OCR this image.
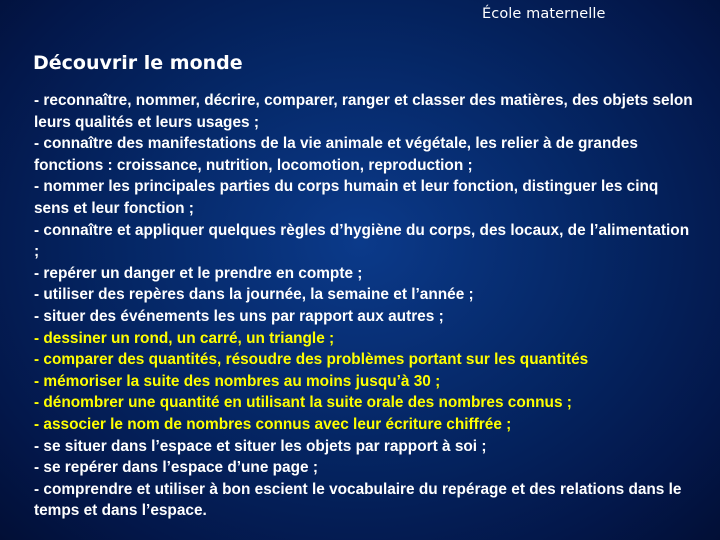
École maternelle
Découvrir le monde
- reconnaître, nommer, décrire, comparer, ranger et classer des matières, des objets selon leurs qualités et leurs usages ;
- connaître des manifestations de la vie animale et végétale, les relier à de grandes fonctions : croissance, nutrition, locomotion, reproduction ;
- nommer les principales parties du corps humain et leur fonction, distinguer les cinq sens et leur fonction ;
- connaître et appliquer quelques règles d’hygiène du corps, des locaux, de l’alimentation ;
- repérer un danger et le prendre en compte ;
- utiliser des repères dans la journée, la semaine et l’année ;
- situer des événements les uns par rapport aux autres ;
- dessiner un rond, un carré, un triangle ;
- comparer des quantités, résoudre des problèmes portant sur les quantités
- mémoriser la suite des nombres au moins jusqu’à 30 ;
- dénombrer une quantité en utilisant la suite orale des nombres connus ;
- associer le nom de nombres connus avec leur écriture chiffrée ;
- se situer dans l’espace et situer les objets par rapport à soi ;
- se repérer dans l’espace d’une page ;
- comprendre et utiliser à bon escient le vocabulaire du repérage et des relations dans le temps et dans l’espace.
